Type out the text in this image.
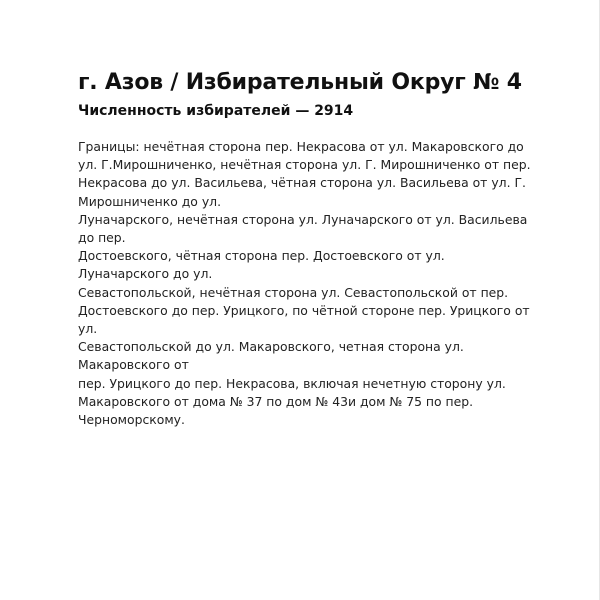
г. Азов / Избирательный Округ № 4
Численность избирателей — 2914
Границы: нечётная сторона пер. Некрасова от ул. Макаровского до
ул. Г.Мирошниченко, нечётная сторона ул. Г. Мирошниченко от пер.
Некрасова до ул. Васильева, чётная сторона ул. Васильева от ул. Г.
Мирошниченко до ул.
Луначарского, нечётная сторона ул. Луначарского от ул. Васильева
до пер.
Достоевского, чётная сторона пер. Достоевского от ул.
Луначарского до ул.
Севастопольской, нечётная сторона ул. Севастопольской от пер.
Достоевского до пер. Урицкого, по чётной стороне пер. Урицкого от
ул.
Севастопольской до ул. Макаровского, четная сторона ул.
Макаровского от
пер. Урицкого до пер. Некрасова, включая нечетную сторону ул.
Макаровского от дома № 37 по дом № 43и дом № 75 по пер.
Черноморскому.
